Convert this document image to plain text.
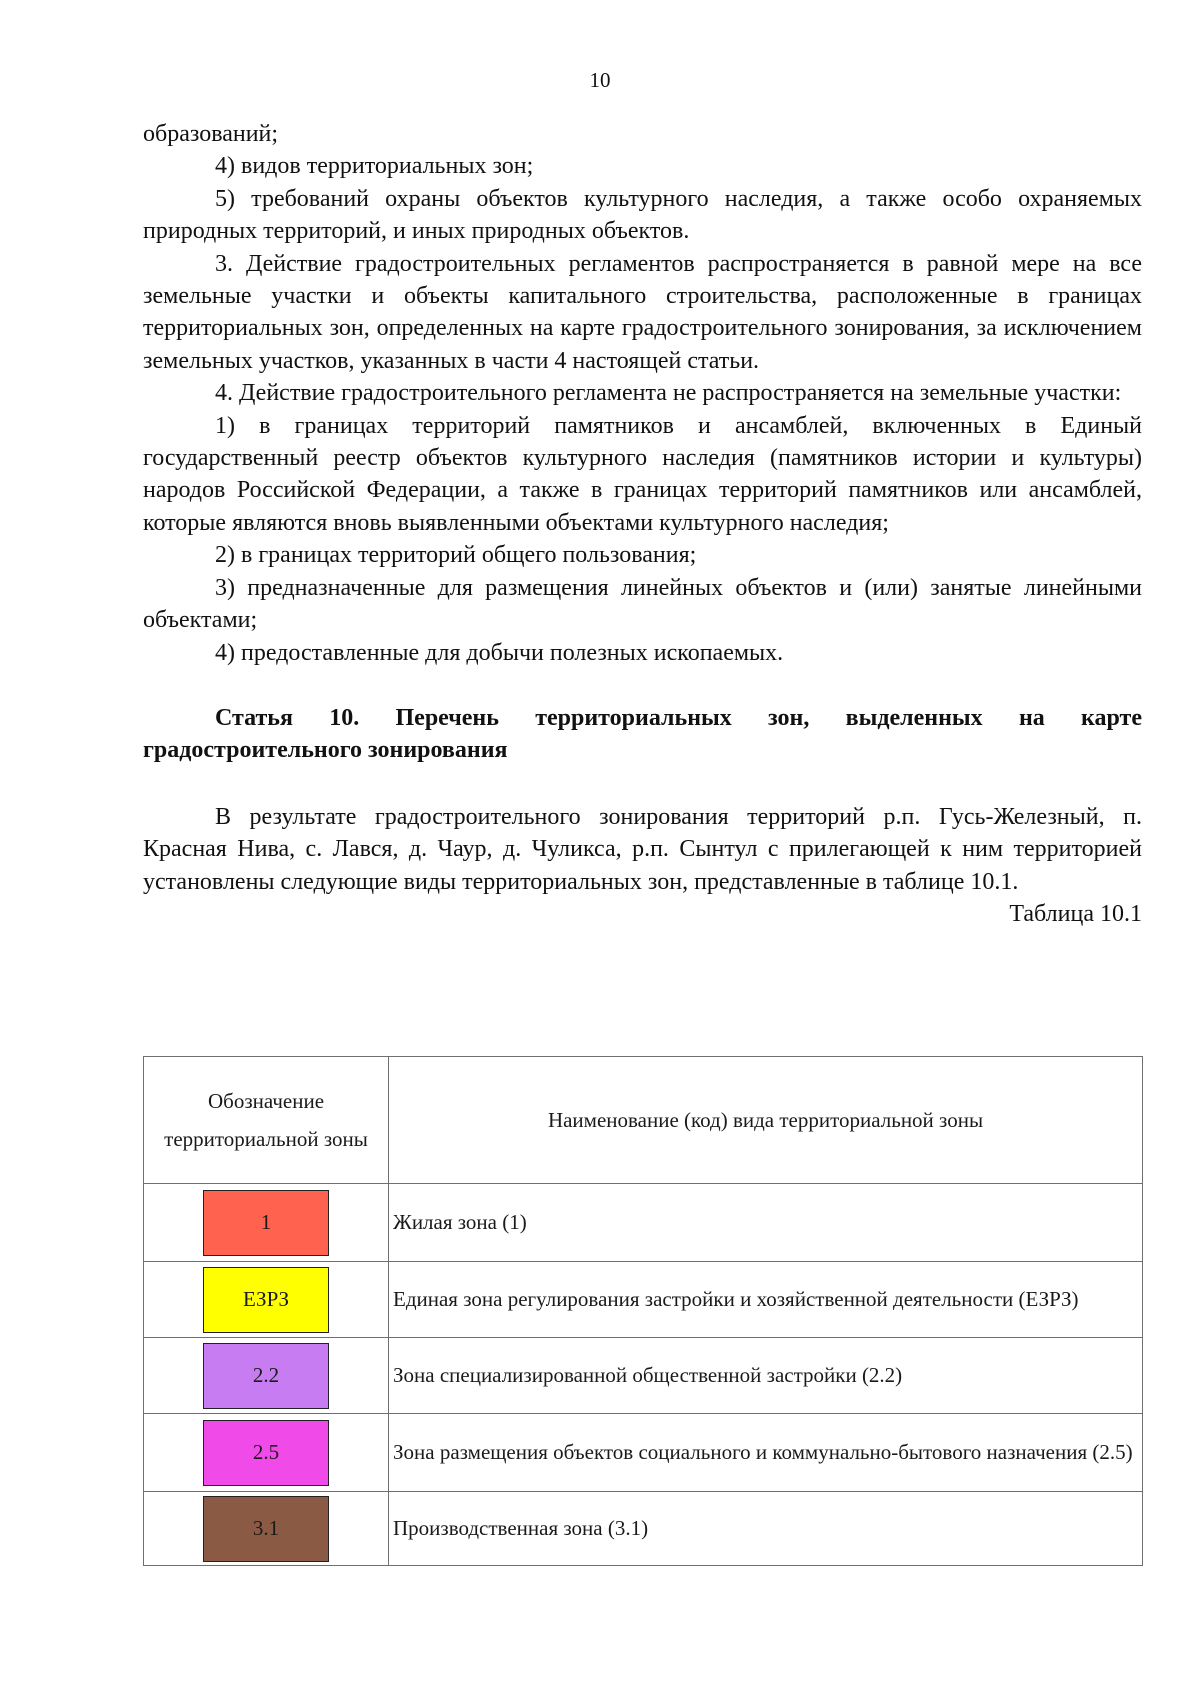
10

образований;

4) видов территориальных зон;

5) требований охраны объектов культурного наследия, а также особо охраняемых природных территорий, и иных природных объектов.

3. Действие градостроительных регламентов распространяется в равной мере на все земельные участки и объекты капитального строительства, расположенные в границах территориальных зон, определенных на карте градостроительного зонирования, за исключением земельных участков, указанных в части 4 настоящей статьи.

4. Действие градостроительного регламента не распространяется на земельные участки:

1) в границах территорий памятников и ансамблей, включенных в Единый государственный реестр объектов культурного наследия (памятников истории и культуры) народов Российской Федерации, а также в границах территорий памятников или ансамблей, которые являются вновь выявленными объектами культурного наследия;

2) в границах территорий общего пользования;

3) предназначенные для размещения линейных объектов и (или) занятые линейными объектами;

4) предоставленные для добычи полезных ископаемых.

Статья 10. Перечень территориальных зон, выделенных на карте градостроительного зонирования

В результате градостроительного зонирования территорий р.п. Гусь-Железный, п. Красная Нива, с. Лався, д. Чаур, д. Чуликса, р.п. Сынтул с прилегающей к ним территорией установлены следующие виды территориальных зон, представленные в таблице 10.1.

Таблица 10.1

Обозначение территориальной зоны	Наименование (код) вида территориальной зоны
1	Жилая зона (1)
ЕЗРЗ	Единая зона регулирования застройки и хозяйственной деятельности (ЕЗРЗ)
2.2	Зона специализированной общественной застройки (2.2)
2.5	Зона размещения объектов социального и коммунально-бытового назначения (2.5)
3.1	Производственная зона (3.1)
